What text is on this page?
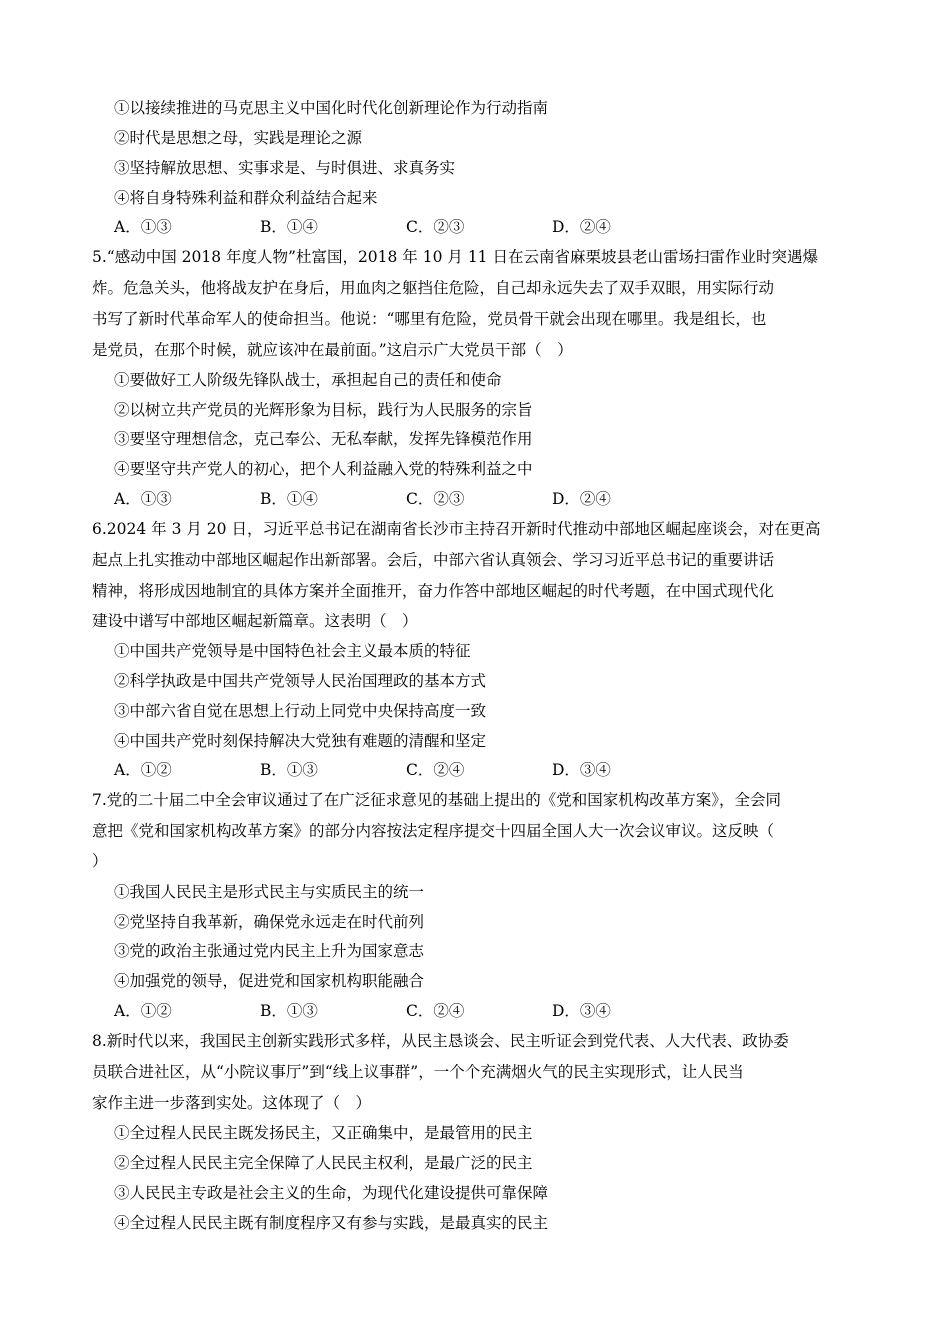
①以接续推进的马克思主义中国化时代化创新理论作为行动指南
②时代是思想之母，实践是理论之源
③坚持解放思想、实事求是、与时俱进、求真务实
④将自身特殊利益和群众利益结合起来
A．①③	B．①④	C．②③	D．②④
5.“感动中国 2018 年度人物”杜富国，2018 年 10 月 11 日在云南省麻栗坡县老山雷场扫雷作业时突遇爆
炸。危急关头，他将战友护在身后，用血肉之躯挡住危险，自己却永远失去了双手双眼，用实际行动
书写了新时代革命军人的使命担当。他说：“哪里有危险，党员骨干就会出现在哪里。我是组长，也
是党员，在那个时候，就应该冲在最前面。”这启示广大党员干部（　）
①要做好工人阶级先锋队战士，承担起自己的责任和使命
②以树立共产党员的光辉形象为目标，践行为人民服务的宗旨
③要坚守理想信念，克己奉公、无私奉献，发挥先锋模范作用
④要坚守共产党人的初心，把个人利益融入党的特殊利益之中
A．①③	B．①④	C．②③	D．②④
6.2024 年 3 月 20 日，习近平总书记在湖南省长沙市主持召开新时代推动中部地区崛起座谈会，对在更高
起点上扎实推动中部地区崛起作出新部署。会后，中部六省认真领会、学习习近平总书记的重要讲话
精神，将形成因地制宜的具体方案并全面推开，奋力作答中部地区崛起的时代考题，在中国式现代化
建设中谱写中部地区崛起新篇章。这表明（　）
①中国共产党领导是中国特色社会主义最本质的特征
②科学执政是中国共产党领导人民治国理政的基本方式
③中部六省自觉在思想上行动上同党中央保持高度一致
④中国共产党时刻保持解决大党独有难题的清醒和坚定
A．①②	B．①③	C．②④	D．③④
7.党的二十届二中全会审议通过了在广泛征求意见的基础上提出的《党和国家机构改革方案》，全会同
意把《党和国家机构改革方案》的部分内容按法定程序提交十四届全国人大一次会议审议。这反映（
）
①我国人民民主是形式民主与实质民主的统一
②党坚持自我革新，确保党永远走在时代前列
③党的政治主张通过党内民主上升为国家意志
④加强党的领导，促进党和国家机构职能融合
A．①②	B．①③	C．②④	D．③④
8.新时代以来，我国民主创新实践形式多样，从民主恳谈会、民主听证会到党代表、人大代表、政协委
员联合进社区，从“小院议事厅”到“线上议事群”，一个个充满烟火气的民主实现形式，让人民当
家作主进一步落到实处。这体现了（　）
①全过程人民民主既发扬民主，又正确集中，是最管用的民主
②全过程人民民主完全保障了人民民主权利，是最广泛的民主
③人民民主专政是社会主义的生命，为现代化建设提供可靠保障
④全过程人民民主既有制度程序又有参与实践，是最真实的民主
